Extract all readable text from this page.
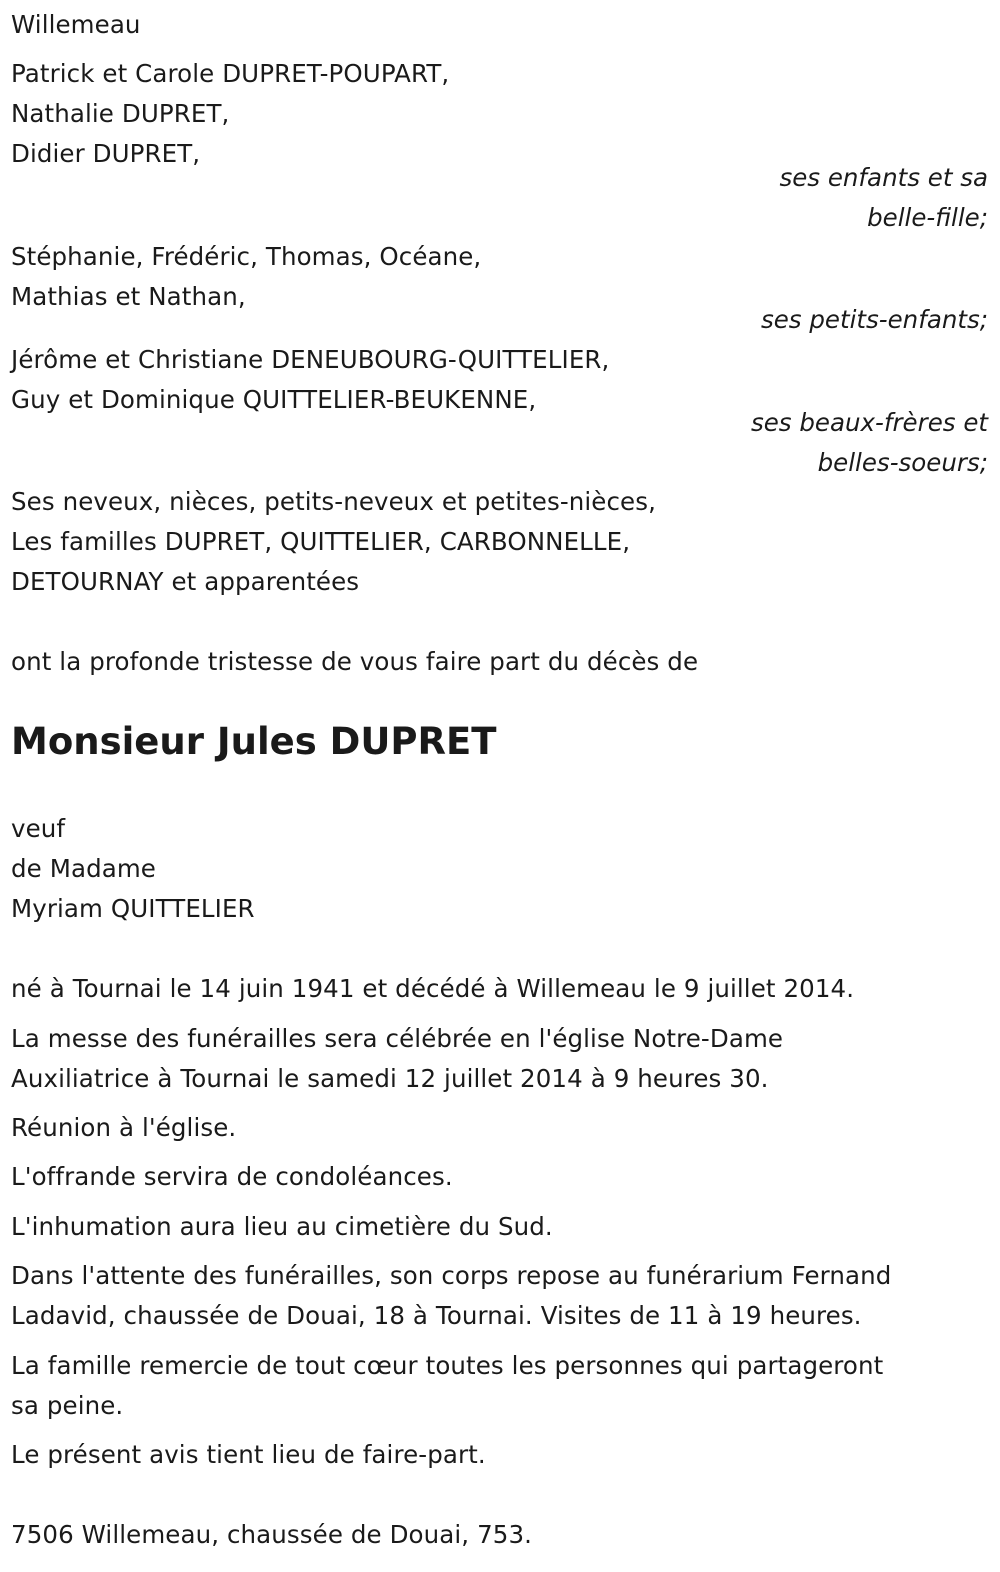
Willemeau

Patrick et Carole DUPRET-POUPART,

Nathalie DUPRET,

Didier DUPRET,

ses enfants et sa

belle-fille;

Stéphanie, Frédéric, Thomas, Océane,

Mathias et Nathan,

ses petits-enfants;

Jérôme et Christiane DENEUBOURG-QUITTELIER,

Guy et Dominique QUITTELIER-BEUKENNE,

ses beaux-frères et

belles-soeurs;

Ses neveux, nièces, petits-neveux et petites-nièces,

Les familles DUPRET, QUITTELIER, CARBONNELLE,

DETOURNAY et apparentées

ont la profonde tristesse de vous faire part du décès de

Monsieur Jules DUPRET

veuf

de Madame

Myriam QUITTELIER

né à Tournai le 14 juin 1941 et décédé à Willemeau le 9 juillet 2014.

La messe des funérailles sera célébrée en l'église Notre-Dame

Auxiliatrice à Tournai le samedi 12 juillet 2014 à 9 heures 30.

Réunion à l'église.

L'offrande servira de condoléances.

L'inhumation aura lieu au cimetière du Sud.

Dans l'attente des funérailles, son corps repose au funérarium Fernand

Ladavid, chaussée de Douai, 18 à Tournai. Visites de 11 à 19 heures.

La famille remercie de tout cœur toutes les personnes qui partageront

sa peine.

Le présent avis tient lieu de faire-part.

7506 Willemeau, chaussée de Douai, 753.
